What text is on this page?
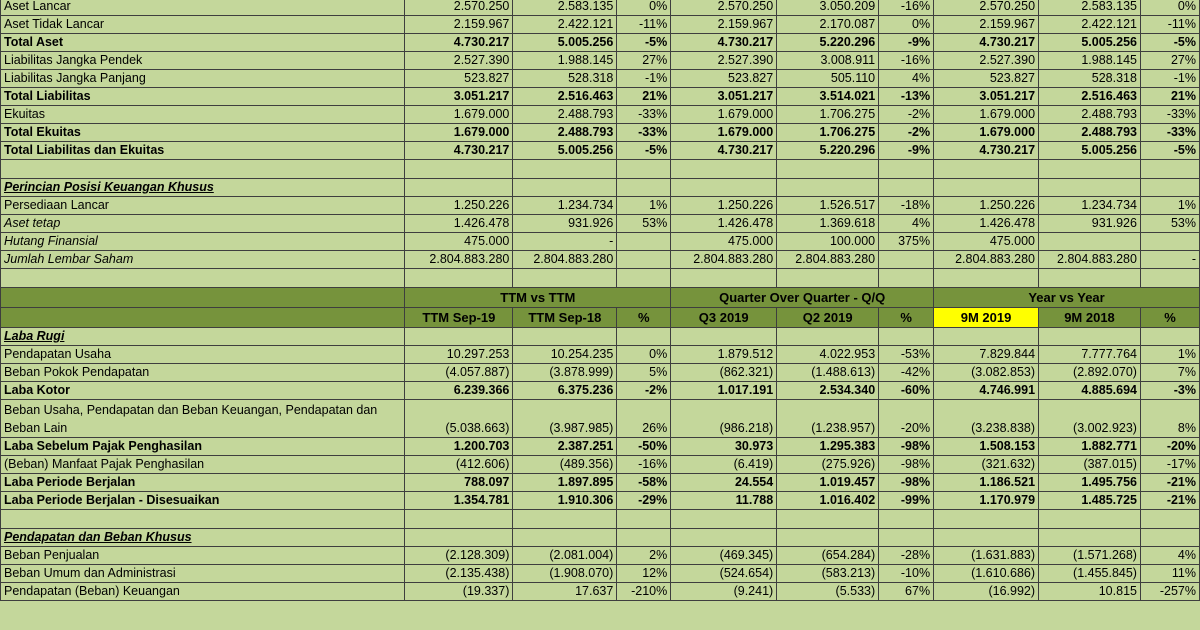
Aset Lancar	2.570.250	2.583.135	0%	2.570.250	3.050.209	-16%	2.570.250	2.583.135	0%
Aset Tidak Lancar	2.159.967	2.422.121	-11%	2.159.967	2.170.087	0%	2.159.967	2.422.121	-11%
Total Aset	4.730.217	5.005.256	-5%	4.730.217	5.220.296	-9%	4.730.217	5.005.256	-5%
Liabilitas Jangka Pendek	2.527.390	1.988.145	27%	2.527.390	3.008.911	-16%	2.527.390	1.988.145	27%
Liabilitas Jangka Panjang	523.827	528.318	-1%	523.827	505.110	4%	523.827	528.318	-1%
Total Liabilitas	3.051.217	2.516.463	21%	3.051.217	3.514.021	-13%	3.051.217	2.516.463	21%
Ekuitas	1.679.000	2.488.793	-33%	1.679.000	1.706.275	-2%	1.679.000	2.488.793	-33%
Total Ekuitas	1.679.000	2.488.793	-33%	1.679.000	1.706.275	-2%	1.679.000	2.488.793	-33%
Total Liabilitas dan Ekuitas	4.730.217	5.005.256	-5%	4.730.217	5.220.296	-9%	4.730.217	5.005.256	-5%

Perincian Posisi Keuangan Khusus									
Persediaan Lancar	1.250.226	1.234.734	1%	1.250.226	1.526.517	-18%	1.250.226	1.234.734	1%
Aset tetap	1.426.478	931.926	53%	1.426.478	1.369.618	4%	1.426.478	931.926	53%
Hutang Finansial	475.000	-		475.000	100.000	375%	475.000		
Jumlah Lembar Saham	2.804.883.280	2.804.883.280		2.804.883.280	2.804.883.280		2.804.883.280	2.804.883.280	-

	TTM vs TTM			Quarter Over Quarter - Q/Q			Year vs Year		
	TTM Sep-19	TTM Sep-18	%	Q3 2019	Q2 2019	%	9M 2019	9M 2018	%
Laba Rugi									
Pendapatan Usaha	10.297.253	10.254.235	0%	1.879.512	4.022.953	-53%	7.829.844	7.777.764	1%
Beban Pokok Pendapatan	(4.057.887)	(3.878.999)	5%	(862.321)	(1.488.613)	-42%	(3.082.853)	(2.892.070)	7%
Laba Kotor	6.239.366	6.375.236	-2%	1.017.191	2.534.340	-60%	4.746.991	4.885.694	-3%
Beban Usaha, Pendapatan dan Beban Keuangan, Pendapatan dan Beban Lain	(5.038.663)	(3.987.985)	26%	(986.218)	(1.238.957)	-20%	(3.238.838)	(3.002.923)	8%
Laba Sebelum Pajak Penghasilan	1.200.703	2.387.251	-50%	30.973	1.295.383	-98%	1.508.153	1.882.771	-20%
(Beban) Manfaat Pajak Penghasilan	(412.606)	(489.356)	-16%	(6.419)	(275.926)	-98%	(321.632)	(387.015)	-17%
Laba Periode Berjalan	788.097	1.897.895	-58%	24.554	1.019.457	-98%	1.186.521	1.495.756	-21%
Laba Periode Berjalan - Disesuaikan	1.354.781	1.910.306	-29%	11.788	1.016.402	-99%	1.170.979	1.485.725	-21%

Pendapatan dan Beban Khusus									
Beban Penjualan	(2.128.309)	(2.081.004)	2%	(469.345)	(654.284)	-28%	(1.631.883)	(1.571.268)	4%
Beban Umum dan Administrasi	(2.135.438)	(1.908.070)	12%	(524.654)	(583.213)	-10%	(1.610.686)	(1.455.845)	11%
Pendapatan (Beban) Keuangan	(19.337)	17.637	-210%	(9.241)	(5.533)	67%	(16.992)	10.815	-257%
